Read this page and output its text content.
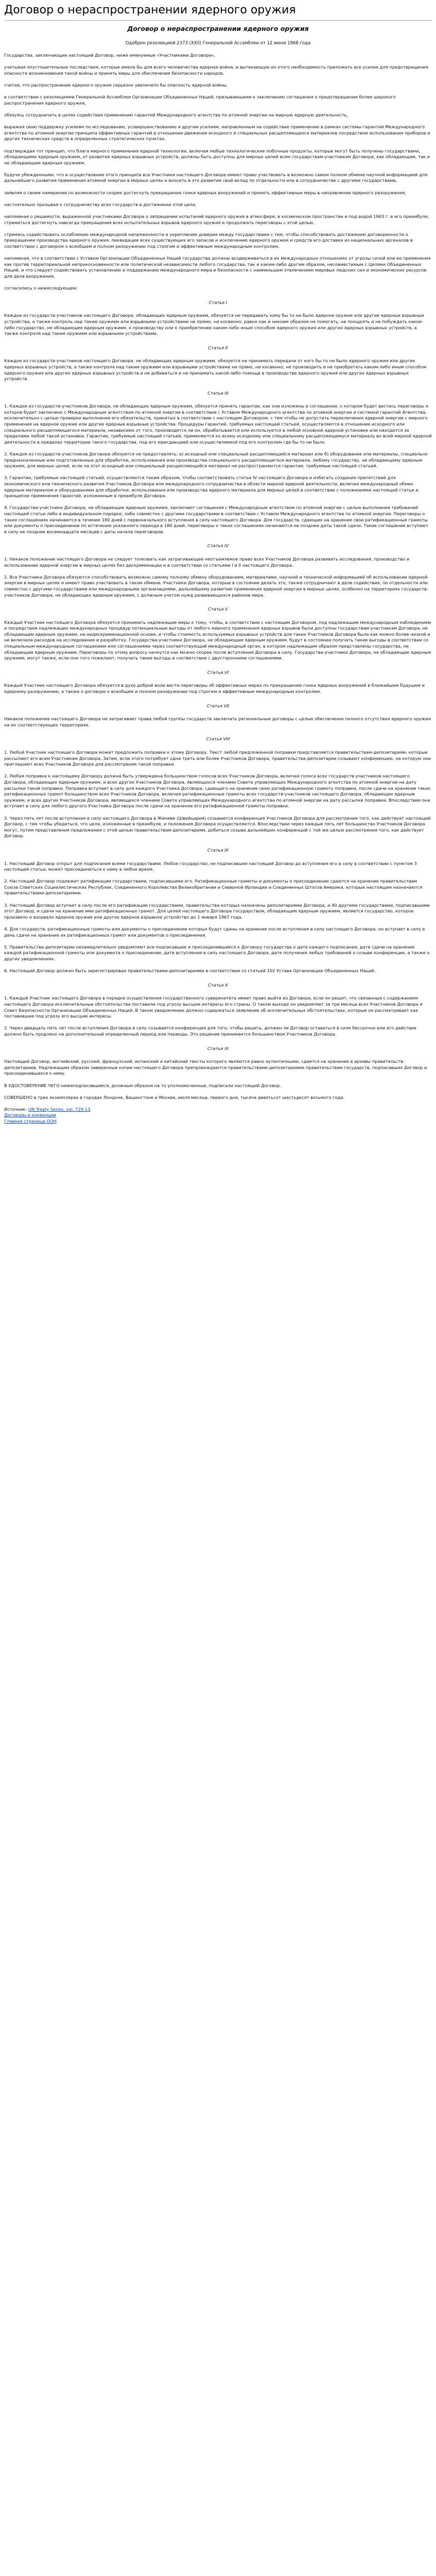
Договор о нераспространении ядерного оружия
Договор о нераспространении ядерного оружия
Одобрен резолюцией 2373 (XXII) Генеральной Ассамблеи от 12 июня 1968 года

Государства, заключающие настоящий Договор, ниже именуемые «Участниками Договора»,

учитывая опустошительные последствия, которые имела бы для всего человечества ядерная война, и вытекающую из этого необходимость приложить все усилия для предотвращения опасности возникновения такой войны и принять меры для обеспечения безопасности народов,

считая, что распространение ядерного оружия серьезно увеличило бы опасность ядерной войны,

в соответствии с резолюциями Генеральной Ассамблеи Организации Объединенных Наций, призывающими к заключению соглашения о предотвращении более широкого распространения ядерного оружия,

обязуясь сотрудничать в целях содействия применению гарантий Международного агентства по атомной энергии на мирную ядерную деятельность,

выражая свою поддержку усилиям по исследованию, усовершенствованию и другим усилиям, направленным на содействие применению в рамках системы гарантий Международного агентства по атомной энергии принципа эффективных гарантий в отношении движения исходного и специальных расщепляющихся материалов посредством использования приборов и других технических средств в определенных стратегических пунктах,

подтверждая тот принцип, что блага мирного применения ядерной технологии, включая любые технологические побочные продукты, которые могут быть получены государствами, обладающими ядерным оружием, от развития ядерных взрывных устройств, должны быть доступны для мирных целей всем государствам-участникам Договора, как обладающим, так и не обладающим ядерным оружием,

будучи убежденными, что в осуществление этого принципа все Участники настоящего Договора имеют право участвовать в возможно самом полном обмене научной информацией для дальнейшего развития применения атомной энергии в мирных целях и вносить в это развитие свой вклад по отдельности или в сотрудничестве с другими государствами,

заявляя о своем намерении по возможности скорее достигнуть прекращения гонки ядерных вооружений и принять эффективные меры в направлении ядерного разоружения,

настоятельно призывая к сотрудничеству всех государств в достижении этой цели,

напоминая о решимости, выраженной участниками Договора о запрещении испытаний ядерного оружия в атмосфере, в космическом пространстве и под водой 1963 г. в его преамбуле, стремиться достигнуть навсегда прекращения всех испытательных взрывов ядерного оружия и продолжать переговоры с этой целью,

стремясь содействовать ослаблению международной напряженности и укреплению доверия между государствами с тем, чтобы способствовать достижению договоренности о прекращении производства ядерного оружия, ликвидации всех существующих его запасов и исключению ядерного оружия и средств его доставки из национальных арсеналов в соответствии с договором о всеобщем и полном разоружении под строгим и эффективным международным контролем,

напоминая, что в соответствии с Уставом Организации Объединенных Наций государства должны воздерживаться в их международных отношениях от угрозы силой или ее применения как против территориальной неприкосновенности или политической независимости любого государства, так и каким-либо другим образом, несовместимым с Целями Объединенных Наций, и что следует содействовать установлению и поддержанию международного мира и безопасности с наименьшим отвлечением мировых людских сил и экономических ресурсов для дела вооружения,

согласились о нижеследующем:

Статья I

Каждое из государств-участников настоящего Договора, обладающих ядерным оружием, обязуется не передавать кому бы то ни было ядерное оружие или другие ядерные взрывные устройства, а также контроль над таким оружием или взрывными устройствами ни прямо, ни косвенно; равно как и никоим образом не помогать, не поощрять и не побуждать какое-либо государство, не обладающее ядерным оружием, к производству или к приобретению каким-либо иным способом ядерного оружия или других ядерных взрывных устройств, а также контроля над таким оружием или взрывными устройствами.

Статья II

Каждое из государств-участников настоящего Договора, не обладающих ядерным оружием, обязуется не принимать передачи от кого бы то ни было ядерного оружия или других ядерных взрывных устройств, а также контроля над таким оружием или взрывными устройствами ни прямо, ни косвенно; не производить и не приобретать каким-либо иным способом ядерного оружия или других ядерных взрывных устройств и не добиваться и не принимать какой-либо помощи в производстве ядерного оружия или других ядерных взрывных устройств.

Статья III

1. Каждое из государств-участников Договора, не обладающих ядерным оружием, обязуется принять гарантии, как они изложены в соглашении, о котором будет вестись переговоры и которое будет заключено с Международным агентством по атомной энергии в соответствии с Уставом Международного агентства по атомной энергии и системой гарантий Агентства, исключительно с целью проверки выполнения его обязательств, принятых в соответствии с настоящим Договором, с тем чтобы не допустить переключения ядерной энергии с мирного применения на ядерное оружие или другие ядерные взрывные устройства. Процедуры гарантий, требуемых настоящей статьей, осуществляются в отношении исходного или специального расщепляющегося материала, независимо от того, производится ли он, обрабатывается или используется в любой основной ядерной установке или находится за пределами любой такой установки. Гарантии, требуемые настоящей статьей, применяются ко всему исходному или специальному расщепляющемуся материалу во всей мирной ядерной деятельности в пределах территории такого государства, под его юрисдикцией или осуществляемой под его контролем где бы то ни было.

2. Каждое из государств-участников Договора обязуется не предоставлять: а) исходный или специальный расщепляющийся материал или б) оборудование или материалы, специально предназначенные или подготовленные для обработки, использования или производства специального расщепляющегося материала, любому государству, не обладающему ядерным оружием, для мирных целей, если на этот исходный или специальный расщепляющийся материал не распространяются гарантии, требуемые настоящей статьей.

3. Гарантии, требуемые настоящей статьей, осуществляются таким образом, чтобы соответствовать статье IV настоящего Договора и избегать создания препятствий для экономического или технического развития Участников Договора или международного сотрудничества в области мирной ядерной деятельности, включая международный обмен ядерным материалом и оборудованием для обработки, использования или производства ядерного материала для мирных целей в соответствии с положениями настоящей статьи и принципом применения гарантий, изложенным в преамбуле Договора.

4. Государства-участники Договора, не обладающие ядерным оружием, заключают соглашения с Международным агентством по атомной энергии с целью выполнения требований настоящей статьи либо в индивидуальном порядке, либо совместно с другими государствами в соответствии с Уставом Международного агентства по атомной энергии. Переговоры о таких соглашениях начинаются в течение 180 дней с первоначального вступления в силу настоящего Договора. Для государств, сдающих на хранение свои ратификационные грамоты или документы о присоединении по истечении указанного периода в 180 дней, переговоры о таких соглашениях начинаются не позднее даты такой сдачи. Такие соглашения вступают в силу не позднее восемнадцати месяцев с даты начала переговоров.

Статья IV

1. Никакое положение настоящего Договора не следует толковать как затрагивающее неотъемлемое право всех Участников Договора развивать исследования, производство и использование ядерной энергии в мирных целях без дискриминации и в соответствии со статьями I и II настоящего Договора.

2. Все Участники Договора обязуются способствовать возможно самому полному обмену оборудованием, материалами, научной и технической информацией об использовании ядерной энергии в мирных целях и имеют право участвовать в таком обмене. Участники Договора, которые в состоянии делать это, также сотрудничают в деле содействия, по отдельности или совместно с другими государствами или международными организациями, дальнейшему развитию применения ядерной энергии в мирных целях, особенно на территориях государств-участников Договора, не обладающих ядерным оружием, с должным учетом нужд развивающихся районов мира.

Статья V

Каждый Участник настоящего Договора обязуется принимать надлежащие меры к тому, чтобы, в соответствии с настоящим Договором, под надлежащим международным наблюдением и посредством надлежащих международных процедур потенциальные выгоды от любого мирного применения ядерных взрывов были доступны государствам-участникам Договора, не обладающим ядерным оружием, на недискриминационной основе, и чтобы стоимость используемых взрывных устройств для таких Участников Договора была как можно более низкой и не включала расходов на исследования и разработку. Государства-участники Договора, не обладающие ядерным оружием, будут в состоянии получать такие выгоды в соответствии со специальным международным соглашением или соглашениями через соответствующий международный орган, в котором надлежащим образом представлены государства, не обладающие ядерным оружием. Переговоры по этому вопросу начнутся как можно скорее после вступления Договора в силу. Государства-участники Договора, не обладающие ядерным оружием, могут также, если они того пожелают, получать такие выгоды в соответствии с двусторонними соглашениями.

Статья VI

Каждый Участник настоящего Договора обязуется в духе доброй воли вести переговоры об эффективных мерах по прекращению гонки ядерных вооружений в ближайшем будущем и ядерному разоружению, а также о договоре о всеобщем и полном разоружении под строгим и эффективным международным контролем.

Статья VII

Никакое положение настоящего Договора не затрагивает права любой группы государств заключать региональные договоры с целью обеспечения полного отсутствия ядерного оружия на их соответствующих территориях.

Статья VIII

1. Любой Участник настоящего Договора может предложить поправки к этому Договору. Текст любой предложенной поправки представляется правительствам-депозитариям, которые рассылают его всем Участникам Договора. Затем, если этого потребует одна треть или более Участников Договора, правительства-депозитарии созывают конференцию, на которую они приглашают всех Участников Договора для рассмотрения такой поправки.

2. Любая поправка к настоящему Договору должна быть утверждена большинством голосов всех Участников Договора, включая голоса всех государств-участников настоящего Договора, обладающих ядерным оружием, и всех других Участников Договора, являющихся членами Совета управляющих Международного агентства по атомной энергии на дату рассылки такой поправки. Поправка вступает в силу для каждого Участника Договора, сдающего на хранение свою ратификационную грамоту поправки, после сдачи на хранение таких ратификационных грамот большинством всех Участников Договора, включая ратификационные грамоты всех государств-участников настоящего Договора, обладающих ядерным оружием, и всех других Участников Договора, являющихся членами Совета управляющих Международного агентства по атомной энергии на дату рассылки поправки. Впоследствии она вступает в силу для любого другого Участника Договора после сдачи на хранение его ратификационной грамоты поправки.

3. Через пять лет после вступления в силу настоящего Договора в Женеве (Швейцария) созывается конференция Участников Договора для рассмотрения того, как действует настоящий Договор, с тем чтобы убедиться, что цели, изложенные в преамбуле, и положения Договора осуществляются. Впоследствии через каждые пять лет большинство Участников Договора могут, путем представления предложения с этой целью правительствам-депозитариям, добиться созыва дальнейших конференций с той же целью рассмотрения того, как действует Договор.

Статья IX

1. Настоящий Договор открыт для подписания всеми государствами. Любое государство, не подписавшее настоящий Договор до вступления его в силу в соответствии с пунктом 3 настоящей статьи, может присоединиться к нему в любое время.

2. Настоящий Договор подлежит ратификации государствами, подписавшими его. Ратификационные грамоты и документы о присоединении сдаются на хранение правительствам Союза Советских Социалистических Республик, Соединенного Королевства Великобритании и Северной Ирландии и Соединенных Штатов Америки, которые настоящим назначаются правительствами-депозитариями.

3. Настоящий Договор вступает в силу после его ратификации государствами, правительства которых назначены депозитариями Договора, и 40 другими государствами, подписавшими этот Договор, и сдачи на хранение ими ратификационных грамот. Для целей настоящего Договора государством, обладающим ядерным оружием, является государство, которое произвело и взорвало ядерное оружие или другое ядерное взрывное устройство до 1 января 1967 года.

4. Для государств, ратификационные грамоты или документы о присоединении которых будут сданы на хранение после вступления в силу настоящего Договора, он вступает в силу в день сдачи на хранение их ратификационных грамот или документов о присоединении.

5. Правительства-депозитарии незамедлительно уведомляют все подписавшие и присоединившиеся к Договору государства о дате каждого подписания, дате сдачи на хранение каждой ратификационной грамоты или документа о присоединении, дате вступления в силу настоящего Договора, дате получения любых требований о созыве конференции, а также о других уведомлениях.

6. Настоящий Договор должен быть зарегистрирован правительствами-депозитариями в соответствии со статьей 102 Устава Организации Объединенных Наций.

Статья X

1. Каждый Участник настоящего Договора в порядке осуществления государственного суверенитета имеет право выйти из Договора, если он решит, что связанные с содержанием настоящего Договора исключительные обстоятельства поставили под угрозу высшие интересы его страны. О таком выходе он уведомляет за три месяца всех Участников Договора и Совет Безопасности Организации Объединенных Наций. В таком уведомлении должно содержаться заявление об исключительных обстоятельствах, которые он рассматривает как поставившие под угрозу его высшие интересы.

2. Через двадцать пять лет после вступления Договора в силу созывается конференция для того, чтобы решить, должен ли Договор оставаться в силе бессрочно или его действие должно быть продлено на дополнительный определенный период или периоды. Это решение принимается большинством Участников Договора.

Статья XI

Настоящий Договор, английский, русский, французский, испанский и китайский тексты которого являются равно аутентичными, сдается на хранение в архивы правительств-депозитариев. Надлежащим образом заверенные копии настоящего Договора препровождаются правительствами-депозитариями правительствам государств, подписавших Договор и присоединившихся к нему.

В УДОСТОВЕРЕНИЕ ЧЕГО нижеподписавшиеся, должным образом на то уполномоченные, подписали настоящий Договор.

СОВЕРШЕНО в трех экземплярах в городах Лондоне, Вашингтоне и Москве, июля месяца, первого дня, тысяча девятьсот шестьдесят восьмого года.

Источник: UN Treaty Series, vol. 729-13
Договоры и конвенции
Главная страница ООН
